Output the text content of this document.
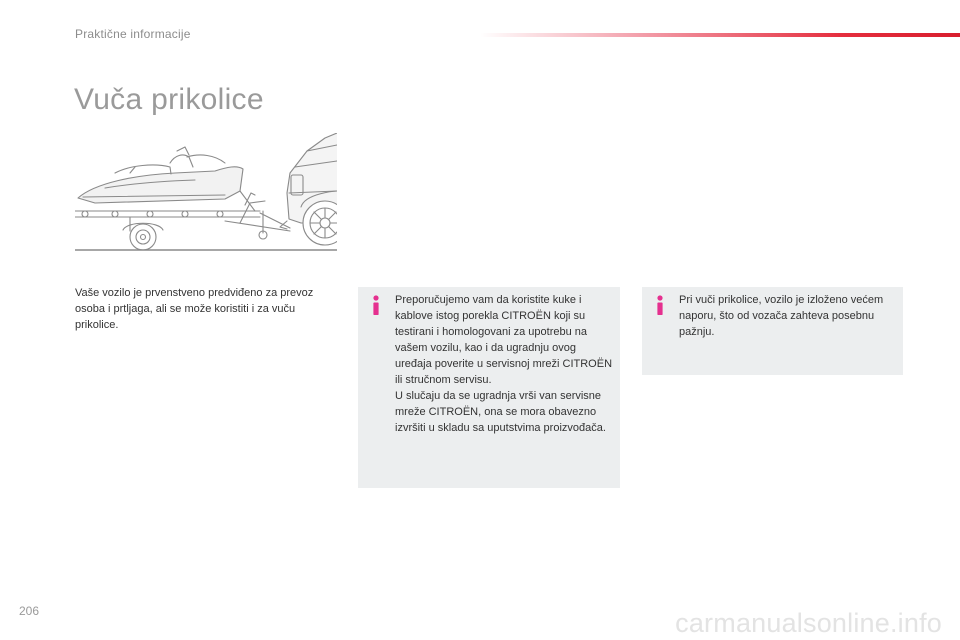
Praktične informacije
Vuča prikolice
Vaše vozilo je prvenstveno predviđeno za prevoz osoba i prtljaga, ali se može koristiti i za vuču prikolice.

Preporučujemo vam da koristite kuke i kablove istog porekla CITROËN koji su testirani i homologovani za upotrebu na vašem vozilu, kao i da ugradnju ovog uređaja poverite u servisnoj mreži CITROËN ili stručnom servisu.

U slučaju da se ugradnja vrši van servisne mreže CITROËN, ona se mora obavezno izvršiti u skladu sa uputstvima proizvođača.

Pri vuči prikolice, vozilo je izloženo većem naporu, što od vozača zahteva posebnu pažnju.

206	carmanualsonline.info
